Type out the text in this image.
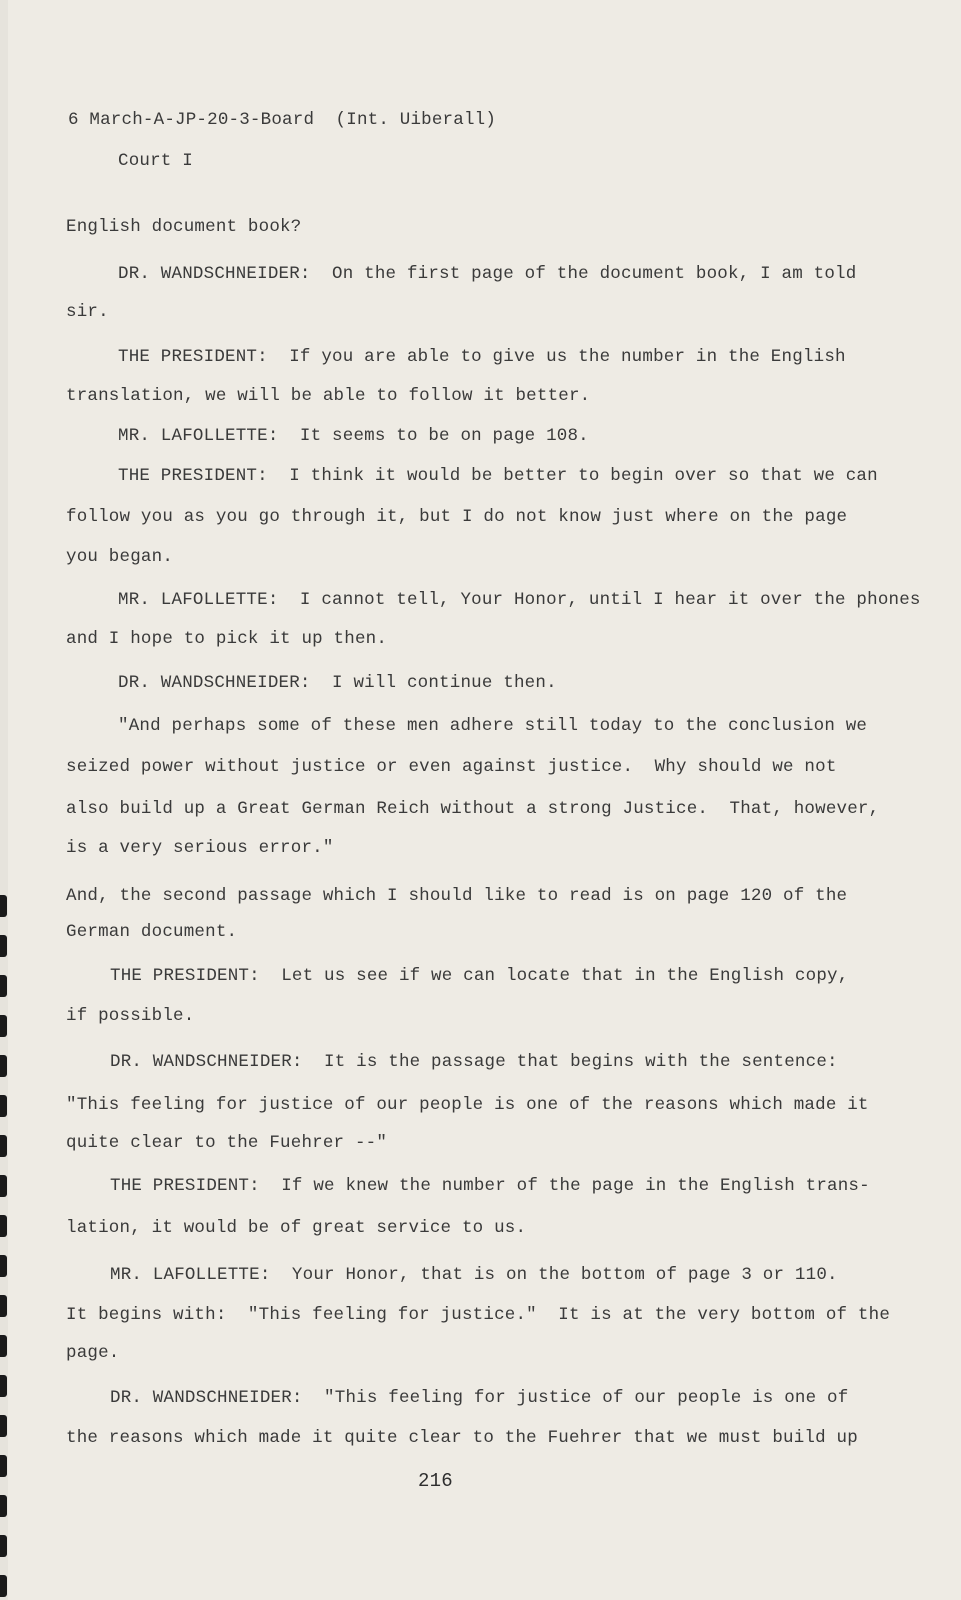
6 March-A-JP-20-3-Board  (Int. Uiberall)
Court I
English document book?
DR. WANDSCHNEIDER:  On the first page of the document book, I am told
sir.
THE PRESIDENT:  If you are able to give us the number in the English
translation, we will be able to follow it better.
MR. LAFOLLETTE:  It seems to be on page 108.
THE PRESIDENT:  I think it would be better to begin over so that we can
follow you as you go through it, but I do not know just where on the page
you began.
MR. LAFOLLETTE:  I cannot tell, Your Honor, until I hear it over the phones
and I hope to pick it up then.
DR. WANDSCHNEIDER:  I will continue then.
"And perhaps some of these men adhere still today to the conclusion we
seized power without justice or even against justice.  Why should we not
also build up a Great German Reich without a strong Justice.  That, however,
is a very serious error."
And, the second passage which I should like to read is on page 120 of the
German document.
THE PRESIDENT:  Let us see if we can locate that in the English copy,
if possible.
DR. WANDSCHNEIDER:  It is the passage that begins with the sentence:
"This feeling for justice of our people is one of the reasons which made it
quite clear to the Fuehrer --"
THE PRESIDENT:  If we knew the number of the page in the English trans-
lation, it would be of great service to us.
MR. LAFOLLETTE:  Your Honor, that is on the bottom of page 3 or 110.
It begins with:  "This feeling for justice."  It is at the very bottom of the
page.
DR. WANDSCHNEIDER:  "This feeling for justice of our people is one of
the reasons which made it quite clear to the Fuehrer that we must build up
216
